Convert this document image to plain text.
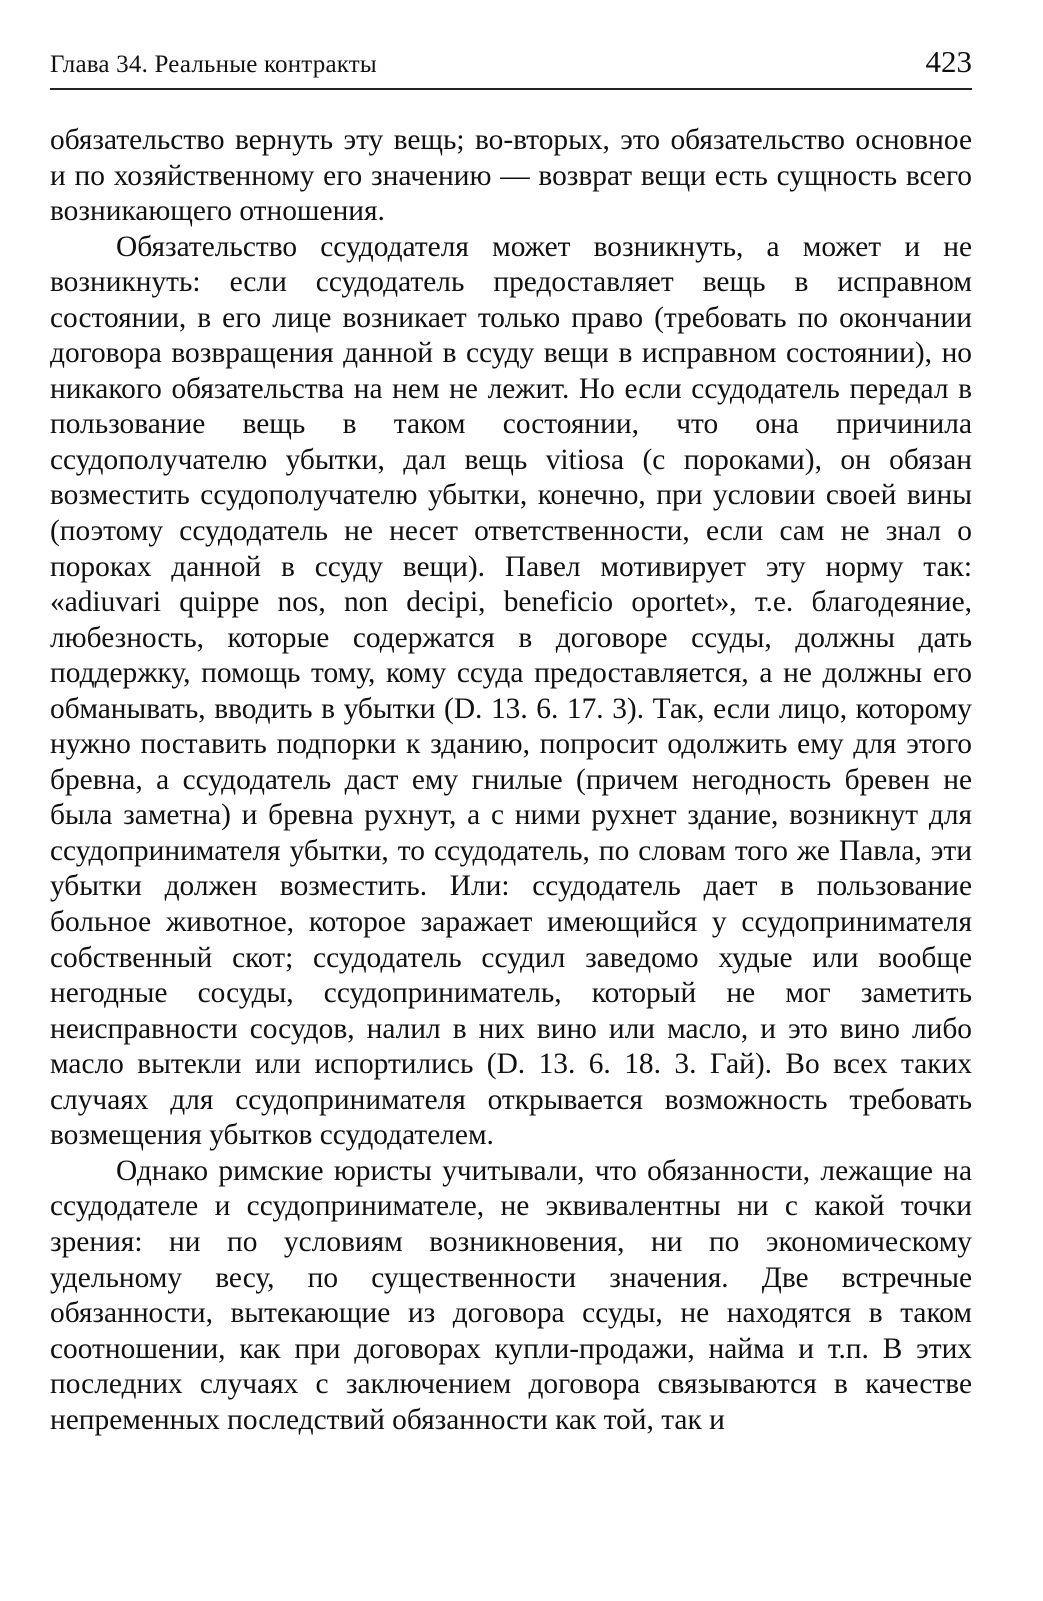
Глава 34. Реальные контракты	423

обязательство вернуть эту вещь; во-вторых, это обязательство основное и по хозяйственному его значению — возврат вещи есть сущность всего возникающего отношения.

Обязательство ссудодателя может возникнуть, а может и не возникнуть: если ссудодатель предоставляет вещь в исправном состоянии, в его лице возникает только право (требовать по окончании договора возвращения данной в ссуду вещи в исправном состоянии), но никакого обязательства на нем не лежит. Но если ссудодатель передал в пользование вещь в таком состоянии, что она причинила ссудополучателю убытки, дал вещь vitiosa (с пороками), он обязан возместить ссудополучателю убытки, конечно, при условии своей вины (поэтому ссудодатель не несет ответственности, если сам не знал о пороках данной в ссуду вещи). Павел мотивирует эту норму так: «adiuvari quippe nos, non decipi, beneficio oportet», т.е. благодеяние, любезность, которые содержатся в договоре ссуды, должны дать поддержку, помощь тому, кому ссуда предоставляется, а не должны его обманывать, вводить в убытки (D. 13. 6. 17. 3). Так, если лицо, которому нужно поставить подпорки к зданию, попросит одолжить ему для этого бревна, а ссудодатель даст ему гнилые (причем негодность бревен не была заметна) и бревна рухнут, а с ними рухнет здание, возникнут для ссудопринимателя убытки, то ссудодатель, по словам того же Павла, эти убытки должен возместить. Или: ссудодатель дает в пользование больное животное, которое заражает имеющийся у ссудопринимателя собственный скот; ссудодатель ссудил заведомо худые или вообще негодные сосуды, ссудоприниматель, который не мог заметить неисправности сосудов, налил в них вино или масло, и это вино либо масло вытекли или испортились (D. 13. 6. 18. 3. Гай). Во всех таких случаях для ссудопринимателя открывается возможность требовать возмещения убытков ссудодателем.

Однако римские юристы учитывали, что обязанности, лежащие на ссудодателе и ссудопринимателе, не эквивалентны ни с какой точки зрения: ни по условиям возникновения, ни по экономическому удельному весу, по существенности значения. Две встречные обязанности, вытекающие из договора ссуды, не находятся в таком соотношении, как при договорах купли-продажи, найма и т.п. В этих последних случаях с заключением договора связываются в качестве непременных последствий обязанности как той, так и
